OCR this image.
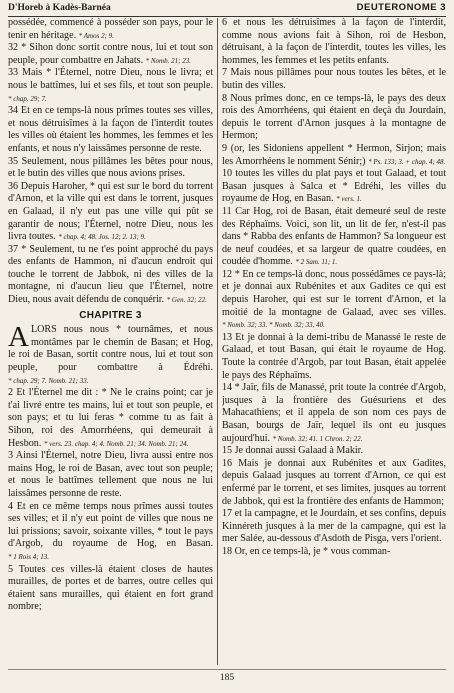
D'Horeb à Kadès-Barnéa	DEUTERONOME 3

possédée, commencé à posséder son pays, pour le tenir en héritage. * Amos 2; 9.

32 * Sihon donc sortit contre nous, lui et tout son peuple, pour combattre en Jahats. * Nomb. 21; 23.

33 Mais * l'Éternel, notre Dieu, nous le livra; et nous le battîmes, lui et ses fils, et tout son peuple. * chap. 29; 7.

34 Et en ce temps-là nous prîmes toutes ses villes, et nous détruisîmes à la façon de l'interdit toutes les villes où étaient les hommes, les femmes et les enfants, et nous n'y laissâmes personne de reste.

35 Seulement, nous pillâmes les bêtes pour nous, et le butin des villes que nous avions prises.

36 Depuis Haroher, * qui est sur le bord du torrent d'Arnon, et la ville qui est dans le torrent, jusques en Galaad, il n'y eut pas une ville qui pût se garantir de nous; l'Éternel, notre Dieu, nous les livra toutes. * chap. 4; 48. Jos. 12; 2. 13; 9.

37 * Seulement, tu ne t'es point approché du pays des enfants de Hammon, ni d'aucun endroit qui touche le torrent de Jabbok, ni des villes de la montagne, ni d'aucun lieu que l'Éternel, notre Dieu, nous avait défendu de conquérir. * Gen. 32; 22.

CHAPITRE 3
A LORS nous nous * tournâmes, et nous montâmes par le chemin de Basan; et Hog, le roi de Basan, sortit contre nous, lui et tout son peuple, pour combattre à Édréhi. * chap. 29; 7. Nomb. 21; 33.

2 Et l'Éternel me dit : * Ne le crains point; car je t'ai livré entre tes mains, lui et tout son peuple, et son pays; et tu lui feras * comme tu as fait à Sihon, roi des Amorrhéens, qui demeurait à Hesbon. * vers. 23. chap. 4; 4. Nomb. 21; 34. Nomb. 21; 24.

3 Ainsi l'Éternel, notre Dieu, livra aussi entre nos mains Hog, le roi de Basan, avec tout son peuple; et nous le battîmes tellement que nous ne lui laissâmes personne de reste.

4 Et en ce même temps nous prîmes aussi toutes ses villes; et il n'y eut point de villes que nous ne lui prissions; savoir, soixante villes, * tout le pays d'Argob, du royaume de Hog, en Basan. * 1 Rois 4; 13.

5 Toutes ces villes-là étaient closes de hautes murailles, de portes et de barres, outre celles qui étaient sans murailles, qui étaient en fort grand nombre;

6 et nous les détruisîmes à la façon de l'interdit, comme nous avions fait à Sihon, roi de Hesbon, détruisant, à la façon de l'interdit, toutes les villes, les hommes, les femmes et les petits enfants.

7 Mais nous pillâmes pour nous toutes les bêtes, et le butin des villes.

8 Nous prîmes donc, en ce temps-là, le pays des deux rois des Amorrhéens, qui étaient en deçà du Jourdain, depuis le torrent d'Arnon jusques à la montagne de Hermon;

9 (or, les Sidoniens appellent * Hermon, Sirjon; mais les Amorrhéens le nomment Sénir;) * Ps. 133; 3. + chap. 4; 48.

10 toutes les villes du plat pays et tout Galaad, et tout Basan jusques à Salca et * Edréhi, les villes du royaume de Hog, en Basan. * vers. 1.

11 Car Hog, roi de Basan, était demeuré seul de reste des Réphaïms. Voici, son lit, un lit de fer, n'est-il pas dans * Rabba des enfants de Hammon? Sa longueur est de neuf coudées, et sa largeur de quatre coudées, en coudée d'homme. * 2 Sam. 11; 1.

12 * En ce temps-là donc, nous possédâmes ce pays-là; et je donnai aux Rubénites et aux Gadites ce qui est depuis Haroher, qui est sur le torrent d'Arnon, et la moitié de la montagne de Galaad, avec ses villes. * Nomb. 32; 33. * Nomb. 32; 33, 40.

13 Et je donnai à la demi-tribu de Manassé le reste de Galaad, et tout Basan, qui était le royaume de Hog. Toute la contrée d'Argob, par tout Basan, était appelée le pays des Réphaïms.

14 * Jaïr, fils de Manassé, prit toute la contrée d'Argob, jusques à la frontière des Guésuriens et des Mahacathiens; et il appela de son nom ces pays de Basan, bourgs de Jaïr, lequel ils ont eu jusques aujourd'hui. * Nomb. 32; 41. 1 Chron. 2; 22.

15 Je donnai aussi Galaad à Makir.

16 Mais je donnai aux Rubénites et aux Gadites, depuis Galaad jusques au torrent d'Arnon, ce qui est enfermé par le torrent, et ses limites, jusques au torrent de Jabbok, qui est la frontière des enfants de Hammon;

17 et la campagne, et le Jourdain, et ses confins, depuis Kinnéreth jusques à la mer de la campagne, qui est la mer Salée, au-dessous d'Asdoth de Pisga, vers l'orient.

18 Or, en ce temps-là, je * vous comman-

185
